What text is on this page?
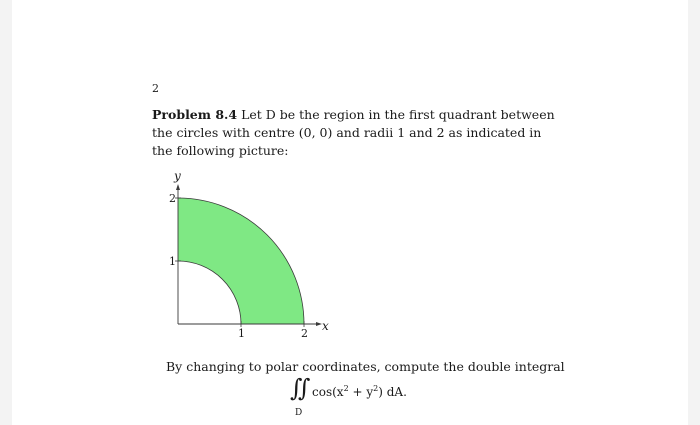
2
Problem 8.4 Let D be the region in the first quadrant between the circles with centre (0, 0) and radii 1 and 2 as indicated in the following picture:
y
x
2
1
1	2
By changing to polar coordinates, compute the double integral
∬ $\cos(x^2 + y^2)$ dA.
D
